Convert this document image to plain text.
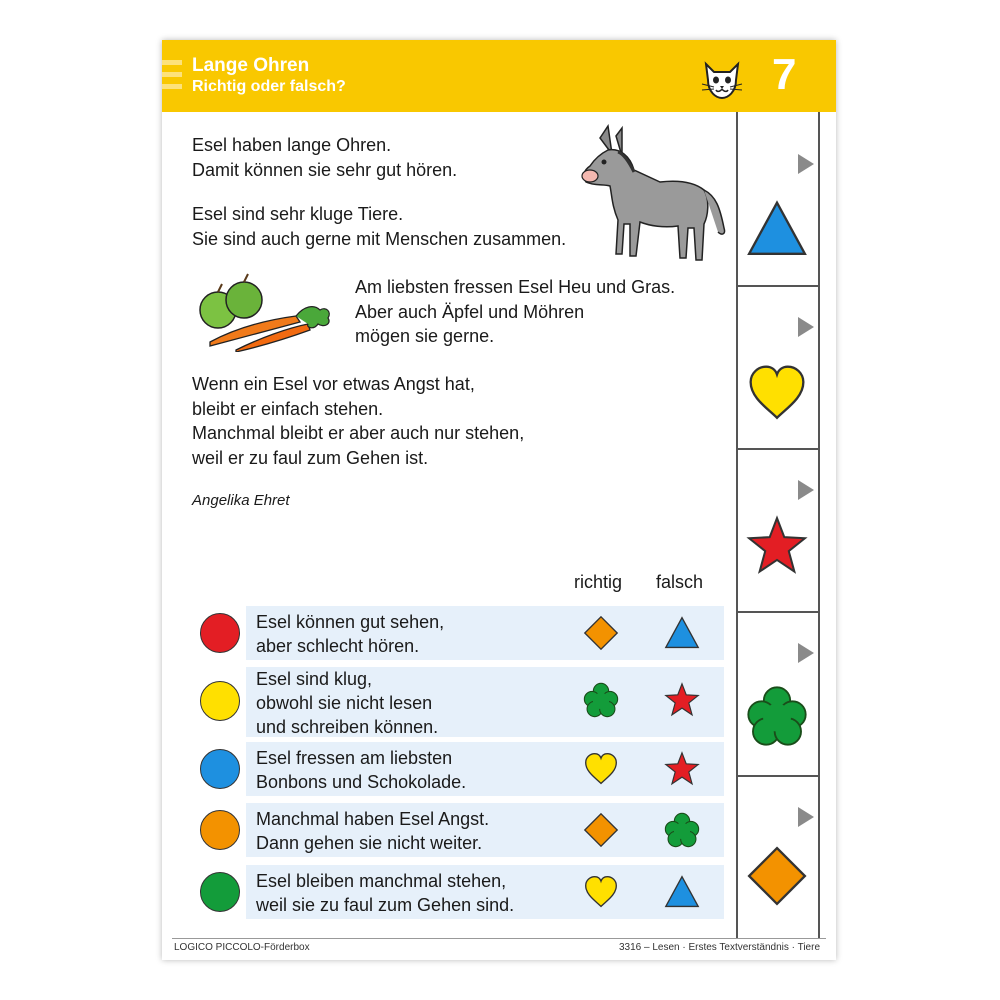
Lange Ohren
Richtig oder falsch?	7
Esel haben lange Ohren.
Damit können sie sehr gut hören.
Esel sind sehr kluge Tiere.
Sie sind auch gerne mit Menschen zusammen.
Am liebsten fressen Esel Heu und Gras.
Aber auch Äpfel und Möhren
mögen sie gerne.
Wenn ein Esel vor etwas Angst hat,
bleibt er einfach stehen.
Manchmal bleibt er aber auch nur stehen,
weil er zu faul zum Gehen ist.
Angelika Ehret
richtig falsch
Esel können gut sehen,
aber schlecht hören.
Esel sind klug,
obwohl sie nicht lesen
und schreiben können.
Esel fressen am liebsten
Bonbons und Schokolade.
Manchmal haben Esel Angst.
Dann gehen sie nicht weiter.
Esel bleiben manchmal stehen,
weil sie zu faul zum Gehen sind.
LOGICO PICCOLO-Förderbox	3316 – Lesen · Erstes Textverständnis · Tiere
